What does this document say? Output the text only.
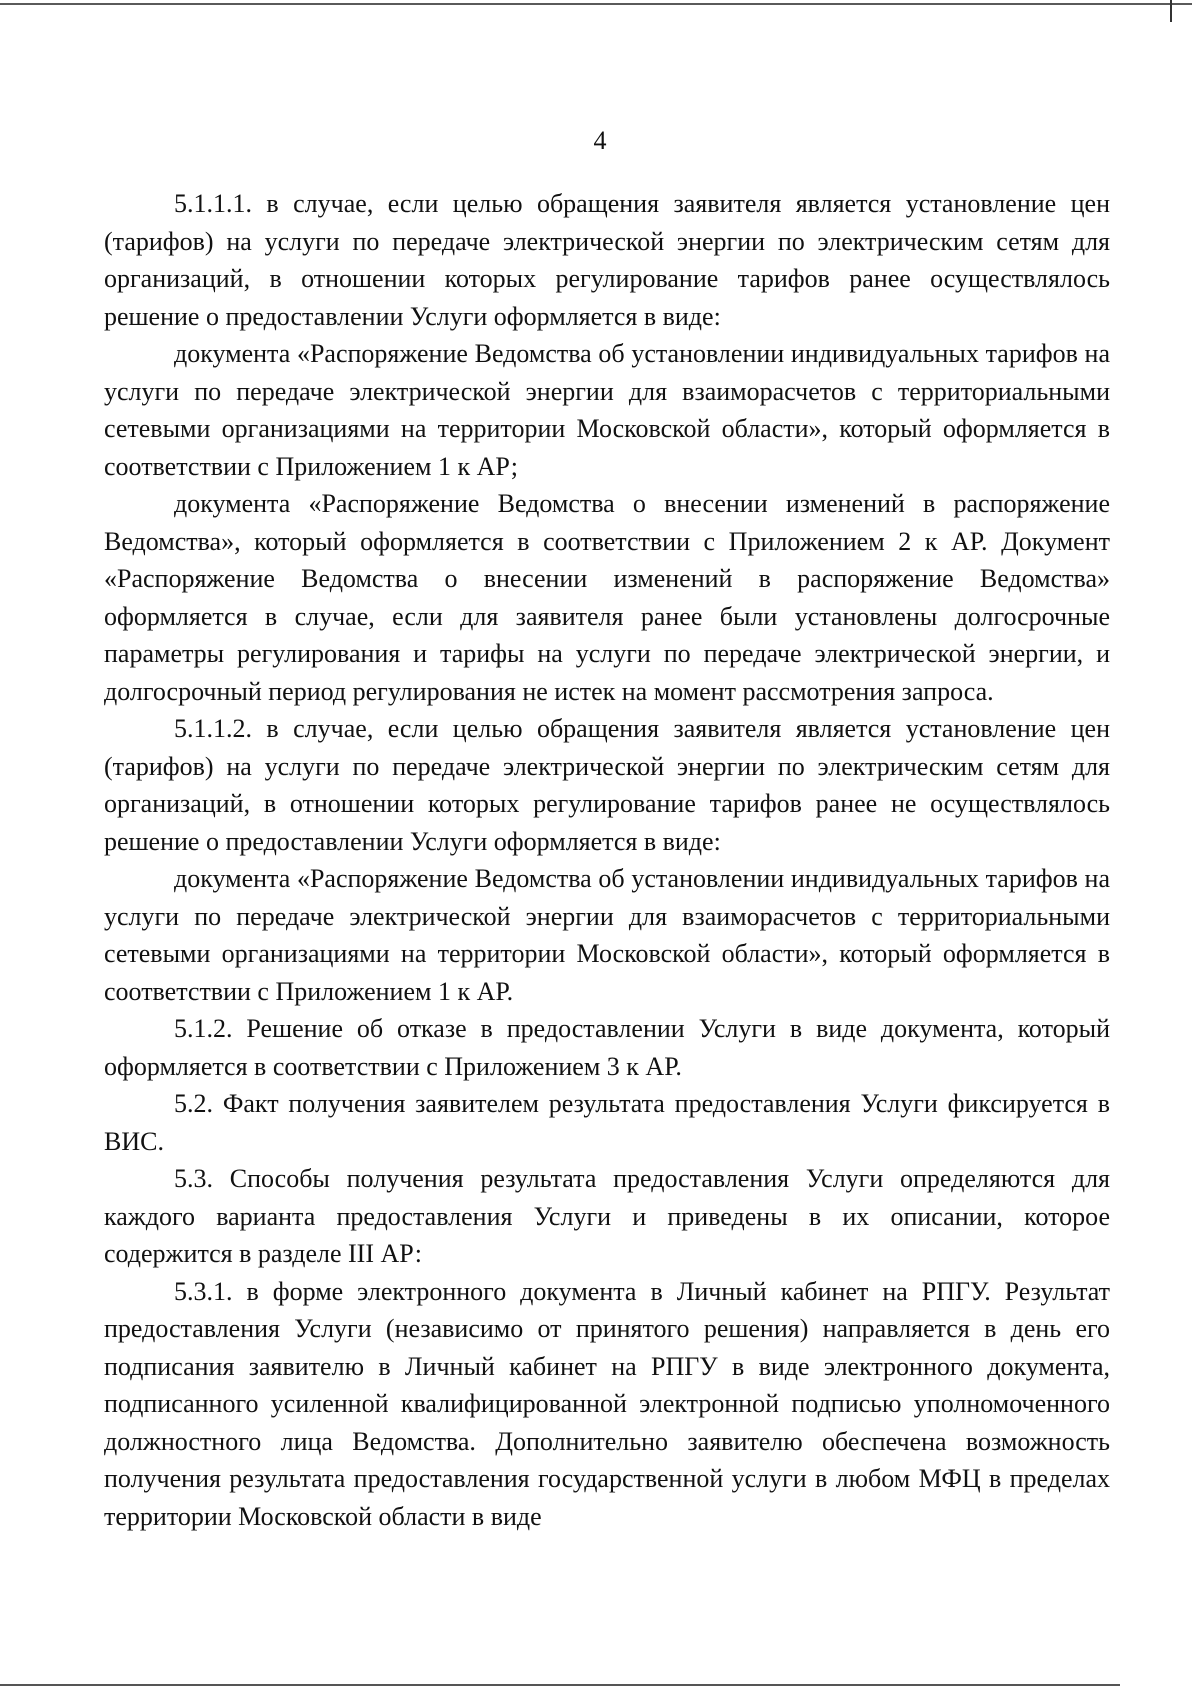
4

5.1.1.1. в случае, если целью обращения заявителя является установление цен (тарифов) на услуги по передаче электрической энергии по электрическим сетям для организаций, в отношении которых регулирование тарифов ранее осуществлялось решение о предоставлении Услуги оформляется в виде:

документа «Распоряжение Ведомства об установлении индивидуальных тарифов на услуги по передаче электрической энергии для взаиморасчетов с территориальными сетевыми организациями на территории Московской области», который оформляется в соответствии с Приложением 1 к АР;

документа «Распоряжение Ведомства о внесении изменений в распоряжение Ведомства», который оформляется в соответствии с Приложением 2 к АР. Документ «Распоряжение Ведомства о внесении изменений в распоряжение Ведомства» оформляется в случае, если для заявителя ранее были установлены долгосрочные параметры регулирования и тарифы на услуги по передаче электрической энергии, и долгосрочный период регулирования не истек на момент рассмотрения запроса.

5.1.1.2. в случае, если целью обращения заявителя является установление цен (тарифов) на услуги по передаче электрической энергии по электрическим сетям для организаций, в отношении которых регулирование тарифов ранее не осуществлялось решение о предоставлении Услуги оформляется в виде:

документа «Распоряжение Ведомства об установлении индивидуальных тарифов на услуги по передаче электрической энергии для взаиморасчетов с территориальными сетевыми организациями на территории Московской области», который оформляется в соответствии с Приложением 1 к АР.

5.1.2. Решение об отказе в предоставлении Услуги в виде документа, который оформляется в соответствии с Приложением 3 к АР.

5.2. Факт получения заявителем результата предоставления Услуги фиксируется в ВИС.

5.3. Способы получения результата предоставления Услуги определяются для каждого варианта предоставления Услуги и приведены в их описании, которое содержится в разделе III АР:

5.3.1. в форме электронного документа в Личный кабинет на РПГУ. Результат предоставления Услуги (независимо от принятого решения) направляется в день его подписания заявителю в Личный кабинет на РПГУ в виде электронного документа, подписанного усиленной квалифицированной электронной подписью уполномоченного должностного лица Ведомства. Дополнительно заявителю обеспечена возможность получения результата предоставления государственной услуги в любом МФЦ в пределах территории Московской области в виде
